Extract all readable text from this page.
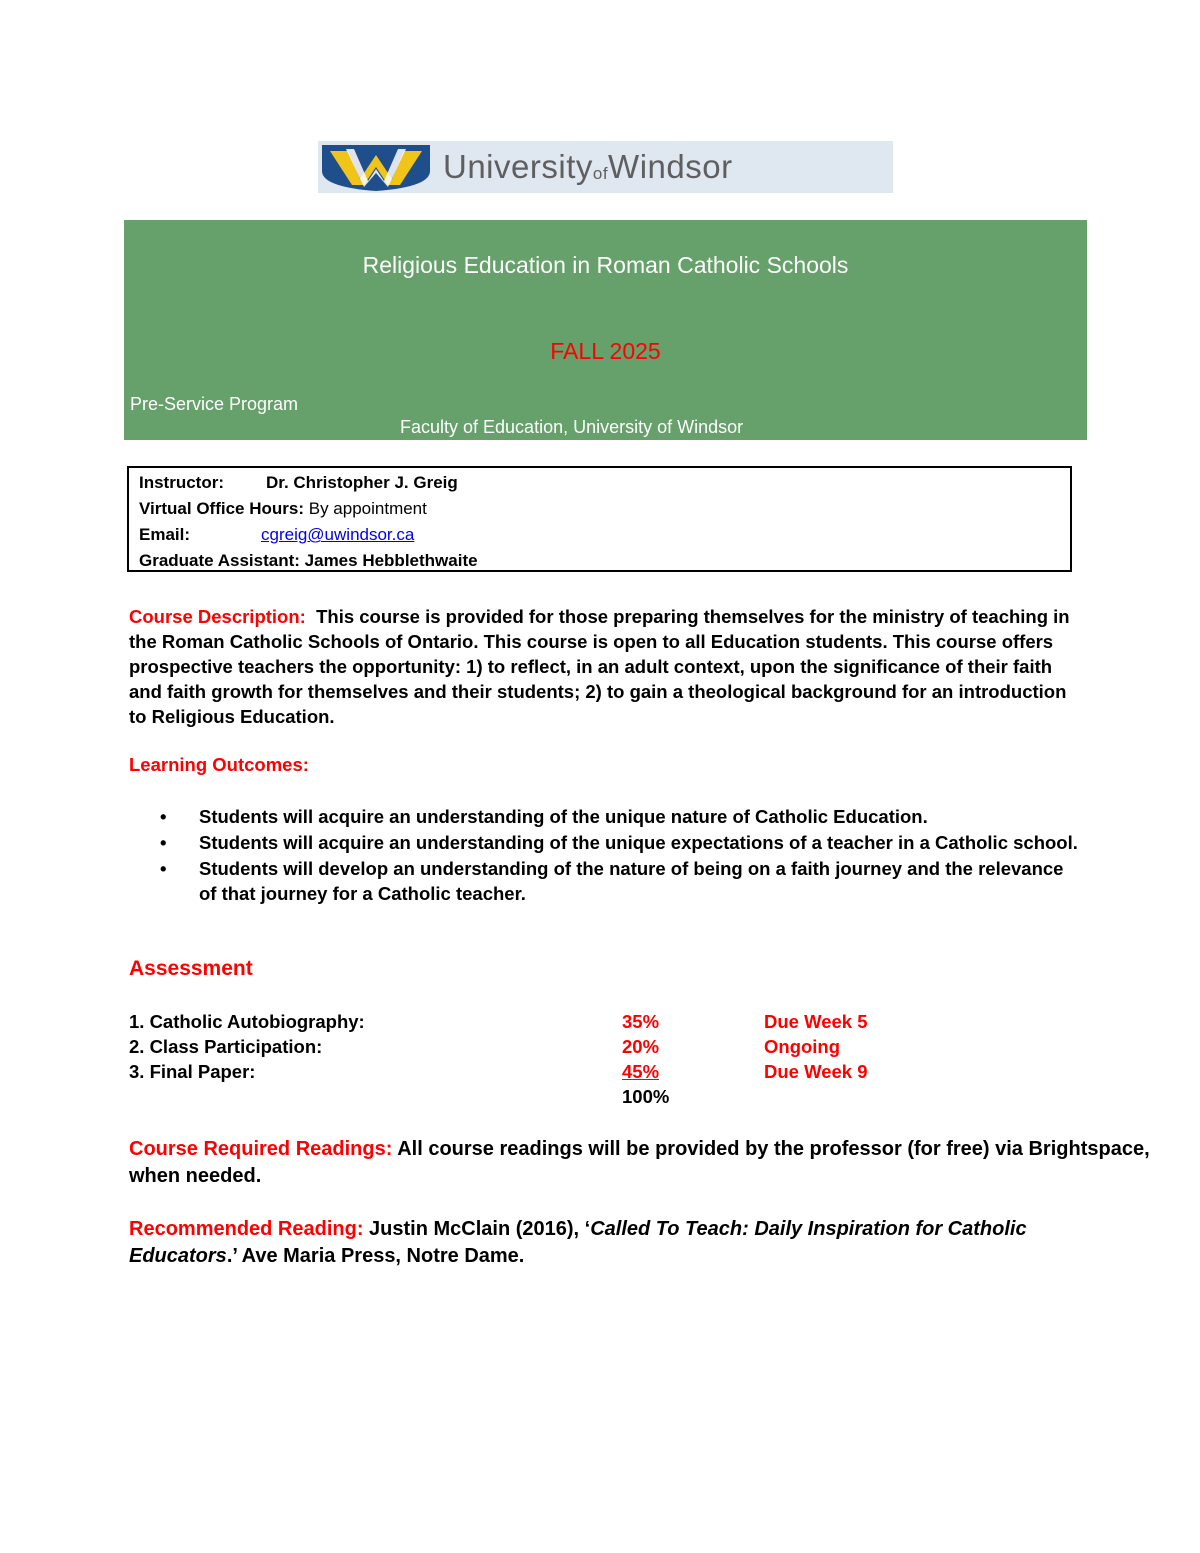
UniversityofWindsor
Religious Education in Roman Catholic Schools
FALL 2025
Pre-Service Program
Faculty of Education, University of Windsor
Instructor: Dr. Christopher J. Greig
Virtual Office Hours: By appointment
Email:	cgreig@uwindsor.ca
Graduate Assistant: James Hebblethwaite
Course Description: This course is provided for those preparing themselves for the ministry of teaching in the Roman Catholic Schools of Ontario. This course is open to all Education students. This course offers prospective teachers the opportunity: 1) to reflect, in an adult context, upon the significance of their faith and faith growth for themselves and their students; 2) to gain a theological background for an introduction to Religious Education.
Learning Outcomes:
• Students will acquire an understanding of the unique nature of Catholic Education.
• Students will acquire an understanding of the unique expectations of a teacher in a Catholic school.
• Students will develop an understanding of the nature of being on a faith journey and the relevance of that journey for a Catholic teacher.
Assessment
1. Catholic Autobiography:	35%	Due Week 5
2. Class Participation:	20%	Ongoing
3. Final Paper:	45%	Due Week 9
100%
Course Required Readings: All course readings will be provided by the professor (for free) via Brightspace, when needed.
Recommended Reading: Justin McClain (2016), ‘Called To Teach: Daily Inspiration for Catholic Educators.’ Ave Maria Press, Notre Dame.
